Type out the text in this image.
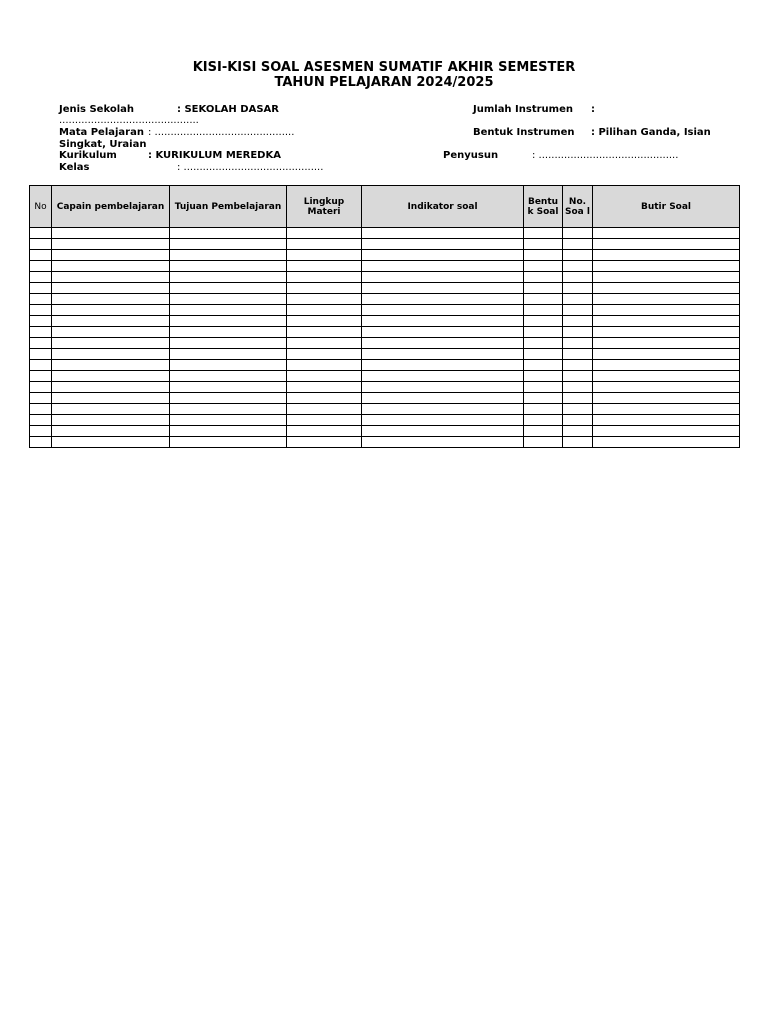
KISI-KISI SOAL ASESMEN SUMATIF AKHIR SEMESTER
TAHUN PELAJARAN 2024/2025
Jenis Sekolah	: SEKOLAH DASAR	Jumlah Instrumen :
............................................
Mata Pelajaran : ............................................	Bentuk Instrumen : Pilihan Ganda, Isian
Singkat, Uraian
Kurikulum	: KURIKULUM MEREDKA	Penyusun	: ............................................
Kelas	: ............................................
No	Capain pembelajaran	Tujuan Pembelajaran	Lingkup Materi	Indikator soal	Bentu k Soal	No. Soa l	Butir Soal
